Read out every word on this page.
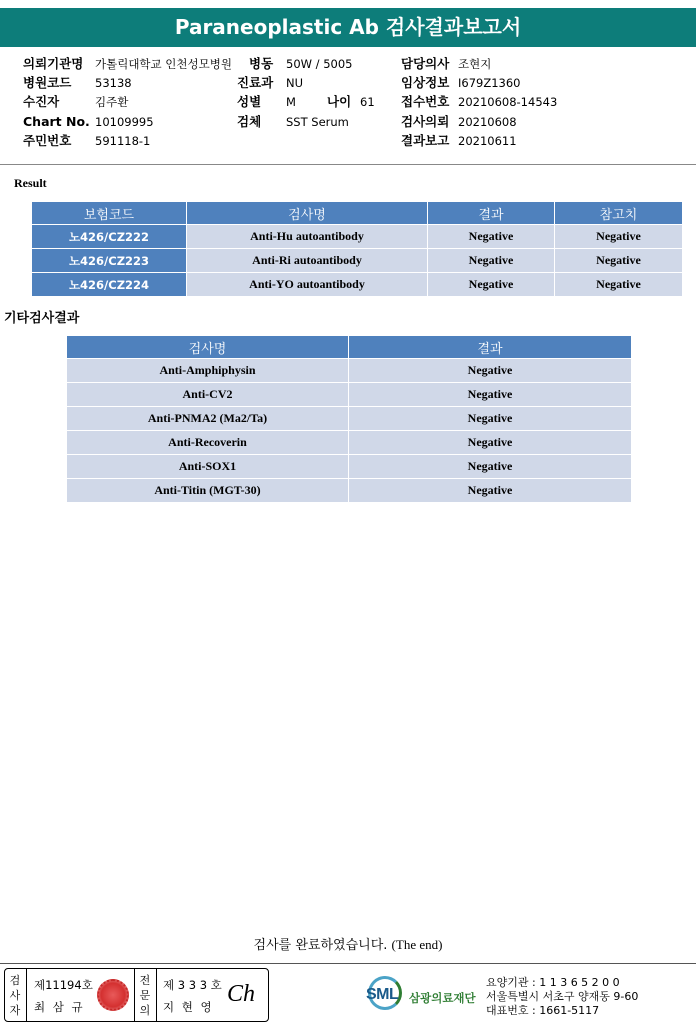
Paraneoplastic Ab 검사결과보고서
의뢰기관명 가톨릭대학교 인천성모병원 병동 50W / 5005	담당의사 조현지
병원코드 53138	진료과 NU	임상정보 I679Z1360
수진자	김주환	성별 M 나이 61 접수번호 20210608-14543
Chart No. 10109995	검체 SST Serum	검사의뢰 20210608
주민번호 591118-1	결과보고 20210611
Result
보험코드	검사명	결과	참고치
노426/CZ222	Anti-Hu autoantibody	Negative	Negative
노426/CZ223	Anti-Ri autoantibody	Negative	Negative
노426/CZ224	Anti-YO autoantibody	Negative	Negative
기타검사결과
검사명	결과
Anti-Amphiphysin	Negative
Anti-CV2	Negative
Anti-PNMA2 (Ma2/Ta)	Negative
Anti-Recoverin	Negative
Anti-SOX1	Negative
Anti-Titin (MGT-30)	Negative
검사를 완료하였습니다. (The end)
검사자
제11194호
최 삼 규
전문의
제 3 3 3 호
지 현 영 Ch	SML 삼광의료재단
요양기관 : 1 1 3 6 5 2 0 0
서울특별시 서초구 양재동 9-60
대표번호 : 1661-5117
